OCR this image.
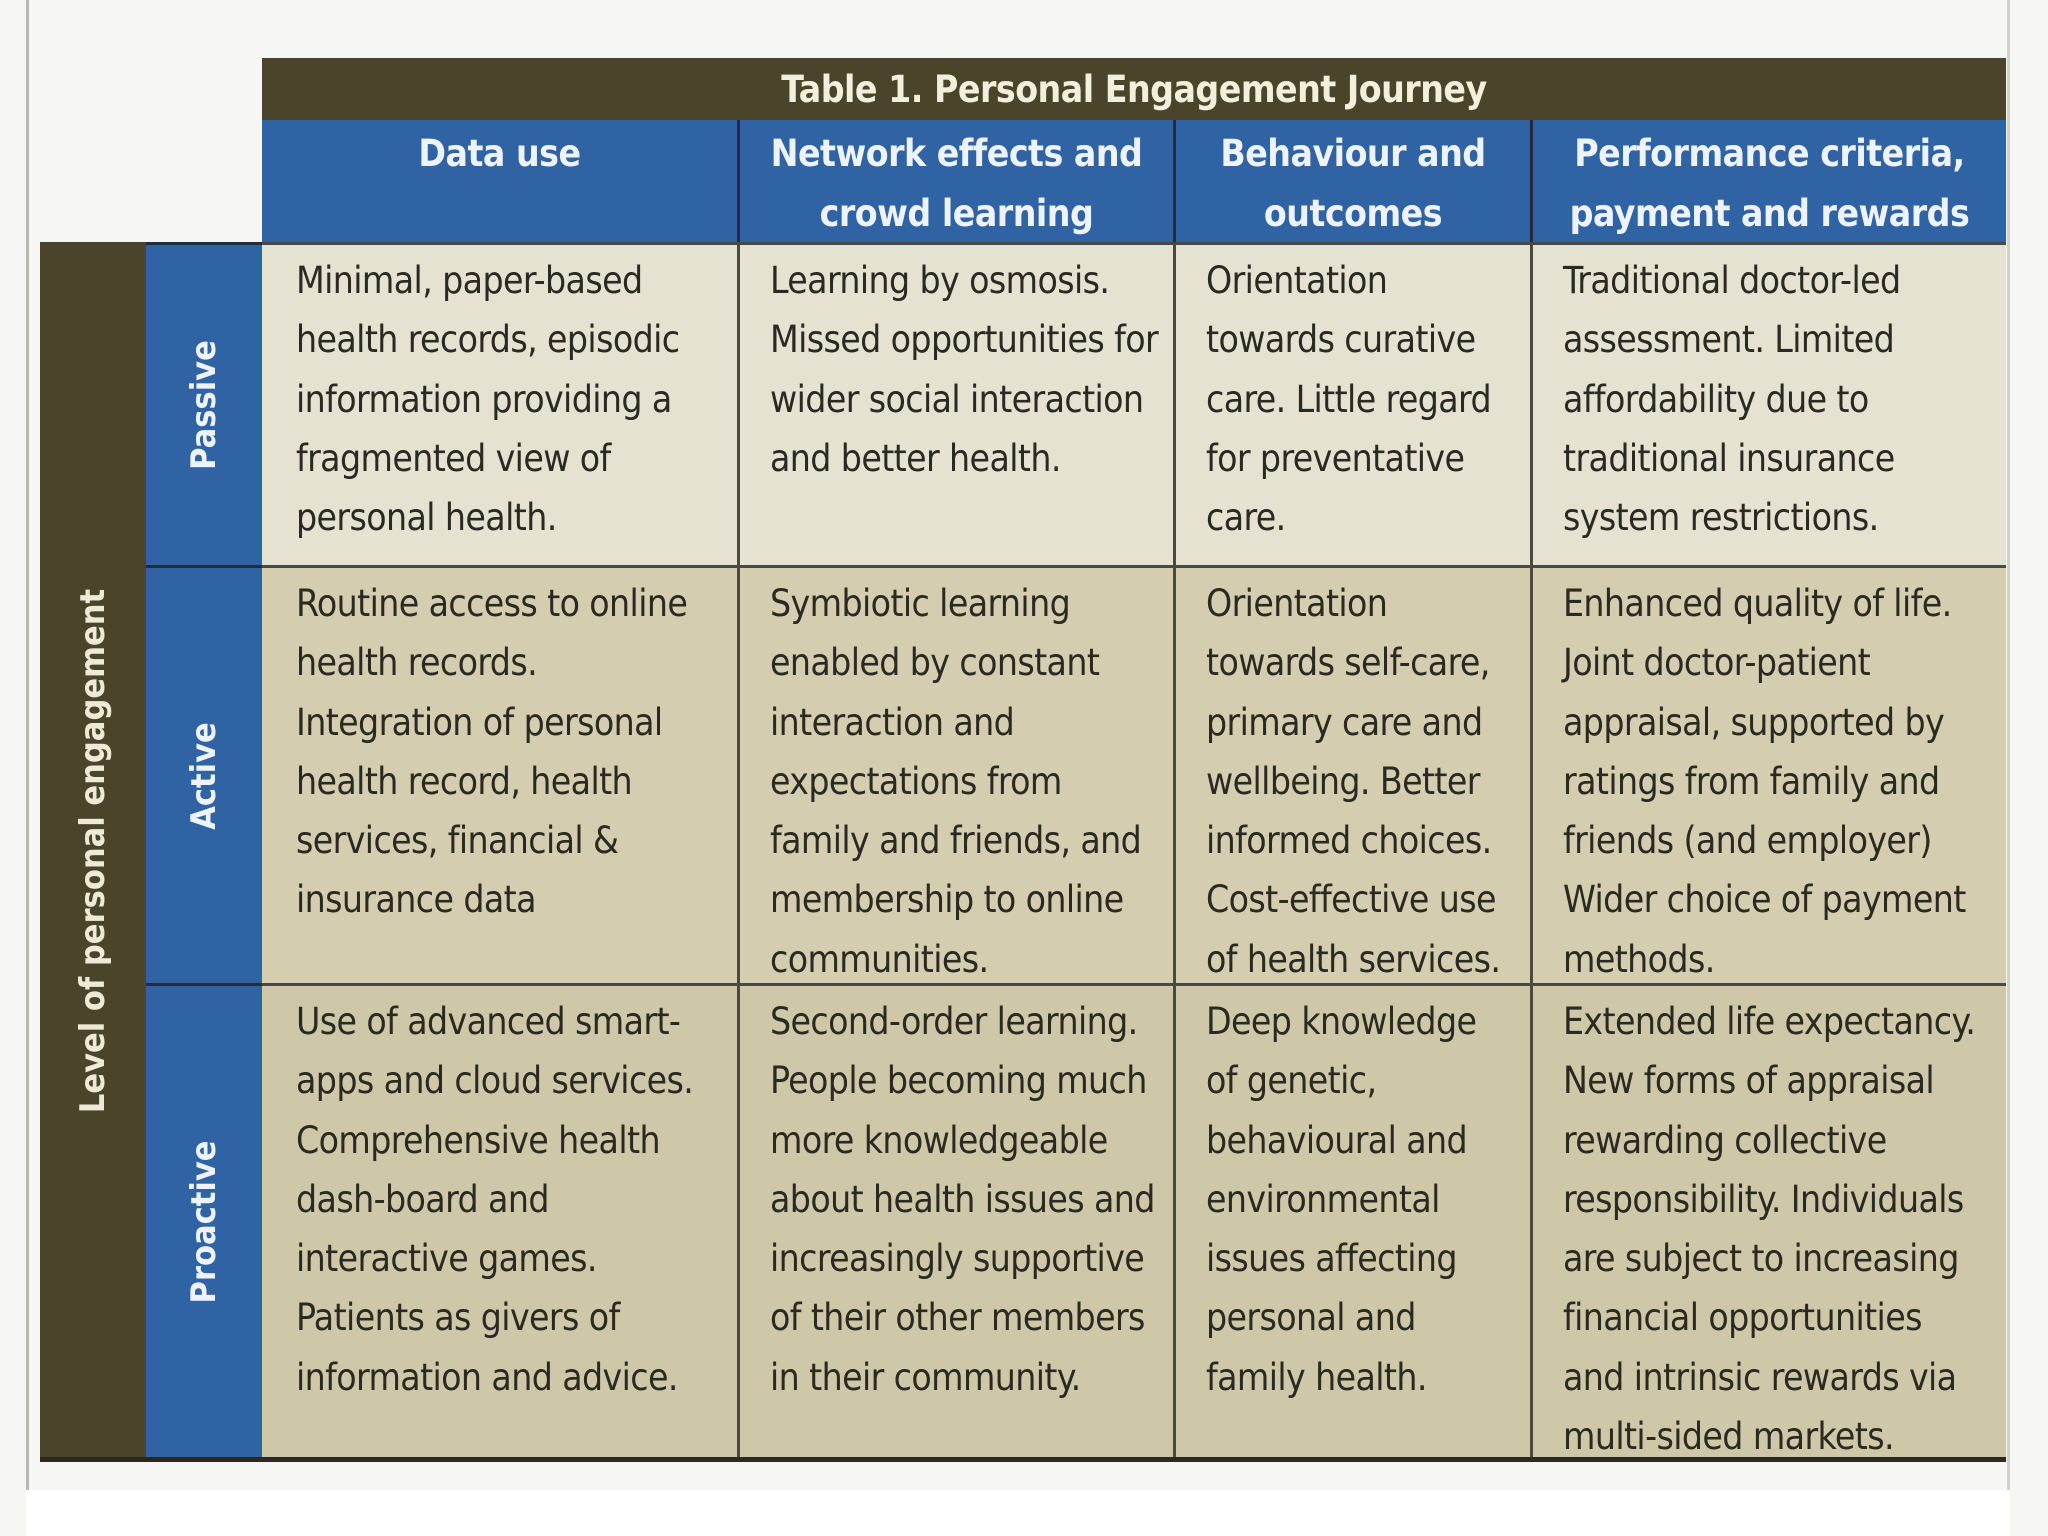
Table 1. Personal Engagement Journey
Data use	Network effects and crowd learning
Behaviour and outcomes
Performance criteria, payment and rewards
Level of personal engagement
Passive
Active
Proactive
Minimal, paper-based health records, episodic information providing a fragmented view of personal health.
Learning by osmosis. Missed opportunities for wider social interaction and better health.
Orientation towards curative care. Little regard for preventative care.
Traditional doctor-led assessment. Limited affordability due to traditional insurance system restrictions.
Routine access to online health records. Integration of personal health record, health services, financial & insurance data
Symbiotic learning enabled by constant interaction and expectations from family and friends, and membership to online communities.
Orientation towards self-care, primary care and wellbeing. Better informed choices. Cost-effective use of health services.
Enhanced quality of life. Joint doctor-patient appraisal, supported by ratings from family and friends (and employer) Wider choice of payment methods.
Use of advanced smart-apps and cloud services. Comprehensive health dash-board and interactive games. Patients as givers of information and advice.
Second-order learning. People becoming much more knowledgeable about health issues and increasingly supportive of their other members in their community.
Deep knowledge of genetic, behavioural and environmental issues affecting personal and family health.
Extended life expectancy. New forms of appraisal rewarding collective responsibility. Individuals are subject to increasing financial opportunities and intrinsic rewards via multi-sided markets.
